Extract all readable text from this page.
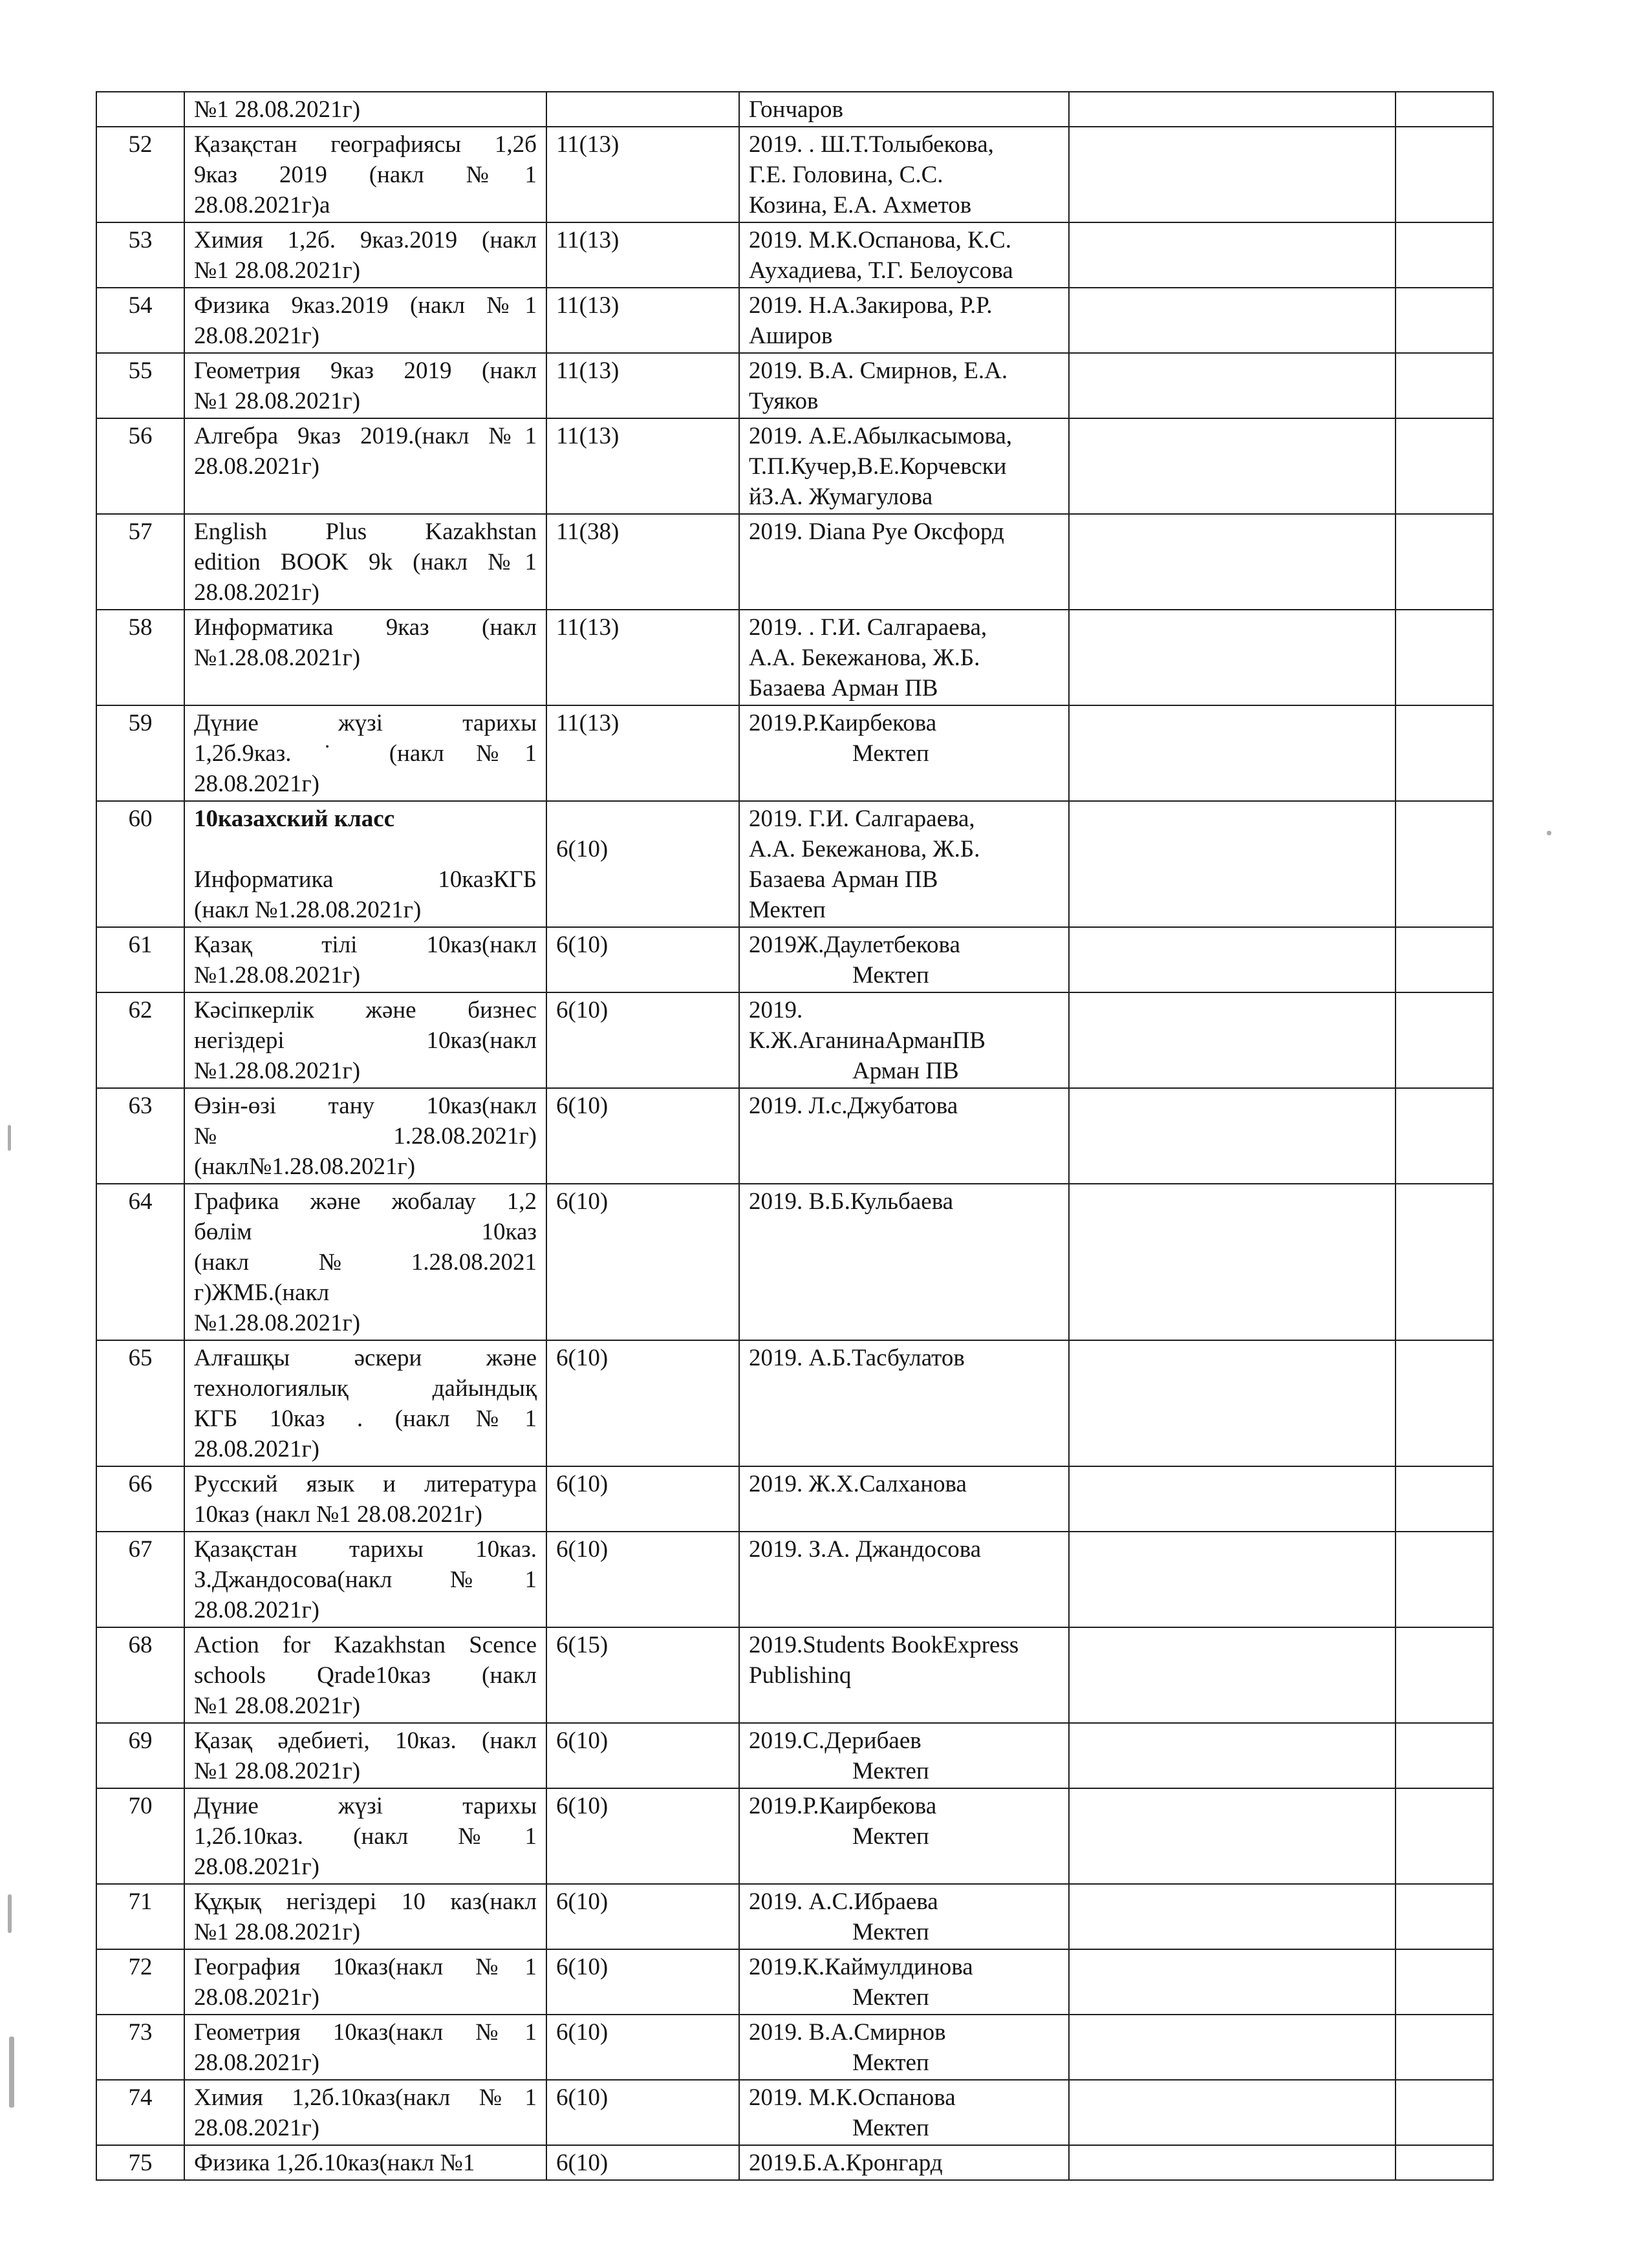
	№1 28.08.2021г)		Гончаров		

52	Қазақстан географиясы 1,2б
9каз 2019 (накл №1
28.08.2021г)а	11(13)	2019. . Ш.Т.Толыбекова,
Г.Е. Головина, С.С.
Козина, Е.А. Ахметов		

53	Химия 1,2б. 9каз.2019 (накл
№1 28.08.2021г)	11(13)	2019. М.К.Оспанова, К.С.
Аухадиева, Т.Г. Белоусова		

54	Физика 9каз.2019 (накл №1
28.08.2021г)	11(13)	2019. Н.А.Закирова, Р.Р.
Аширов		

55	Геометрия 9каз 2019 (накл
№1 28.08.2021г)	11(13)	2019. В.А. Смирнов, Е.А.
Туяков		

56	Алгебра 9каз 2019.(накл №1
28.08.2021г)	11(13)	2019. А.Е.Абылкасымова,
Т.П.Кучер,В.Е.Корчевски
йЗ.А. Жумагулова		

57	English Plus Kazakhstan
edition BOOK 9k (накл №1
28.08.2021г)	11(38)	2019. Diana Pye Оксфорд		

58	Информатика 9каз (накл
№1.28.08.2021г)	11(13)	2019. . Г.И. Салгараева,
А.А. Бекежанова, Ж.Б.
Базаева Арман ПВ		

59	Дүние жүзі тарихы
1,2б.9каз. ˙ (накл №1
28.08.2021г)	11(13)	2019.Р.Каирбекова
Мектеп		

60	10казахский класс
Информатика 10казКГБ
(накл №1.28.08.2021г)	6(10)	2019. Г.И. Салгараева,
А.А. Бекежанова, Ж.Б.
Базаева Арман ПВ
Мектеп		

61	Қазақ тілі 10каз(накл
№1.28.08.2021г)	6(10)	2019Ж.Даулетбекова
Мектеп		

62	Кәсіпкерлік және бизнес
негіздері 10каз(накл
№1.28.08.2021г)	6(10)	2019.
К.Ж.АганинаАрманПВ
Арман ПВ		

63	Өзін-өзі тану 10каз(накл
№1.28.08.2021г)
(накл№1.28.08.2021г)	6(10)	2019. Л.с.Джубатова		

64	Графика және жобалау 1,2
бөлім 10каз
(накл№1.28.08.2021
г)ЖМБ.(накл
№1.28.08.2021г)	6(10)	2019. В.Б.Кульбаева		

65	Алғашқы әскери және
технологиялық дайындық
КГБ 10каз . (накл№1
28.08.2021г)	6(10)	2019. А.Б.Тасбулатов		

66	Русский язык и литература
10каз (накл №1 28.08.2021г)	6(10)	2019. Ж.Х.Салханова		

67	Қазақстан тарихы 10каз.
З.Джандосова(накл №1
28.08.2021г)	6(10)	2019. З.А. Джандосова		

68	Action for Kazakhstan Scence
schools Qrade10каз (накл
№1 28.08.2021г)	6(15)	2019.Students BookExpress
Publishinq		

69	Қазақ әдебиеті, 10каз. (накл
№1 28.08.2021г)	6(10)	2019.С.Дерибаев
Мектеп		

70	Дүние жүзі тарихы
1,2б.10каз. (накл №1
28.08.2021г)	6(10)	2019.Р.Каирбекова
Мектеп		

71	Құқық негіздері 10 каз(накл
№1 28.08.2021г)	6(10)	2019. А.С.Ибраева
Мектеп		

72	География 10каз(накл №1
28.08.2021г)	6(10)	2019.К.Каймулдинова
Мектеп		

73	Геометрия 10каз(накл №1
28.08.2021г)	6(10)	2019. В.А.Смирнов
Мектеп		

74	Химия 1,2б.10каз(накл №1
28.08.2021г)	6(10)	2019. М.К.Оспанова
Мектеп		

75	Физика 1,2б.10каз(накл №1	6(10)	2019.Б.А.Кронгард		
